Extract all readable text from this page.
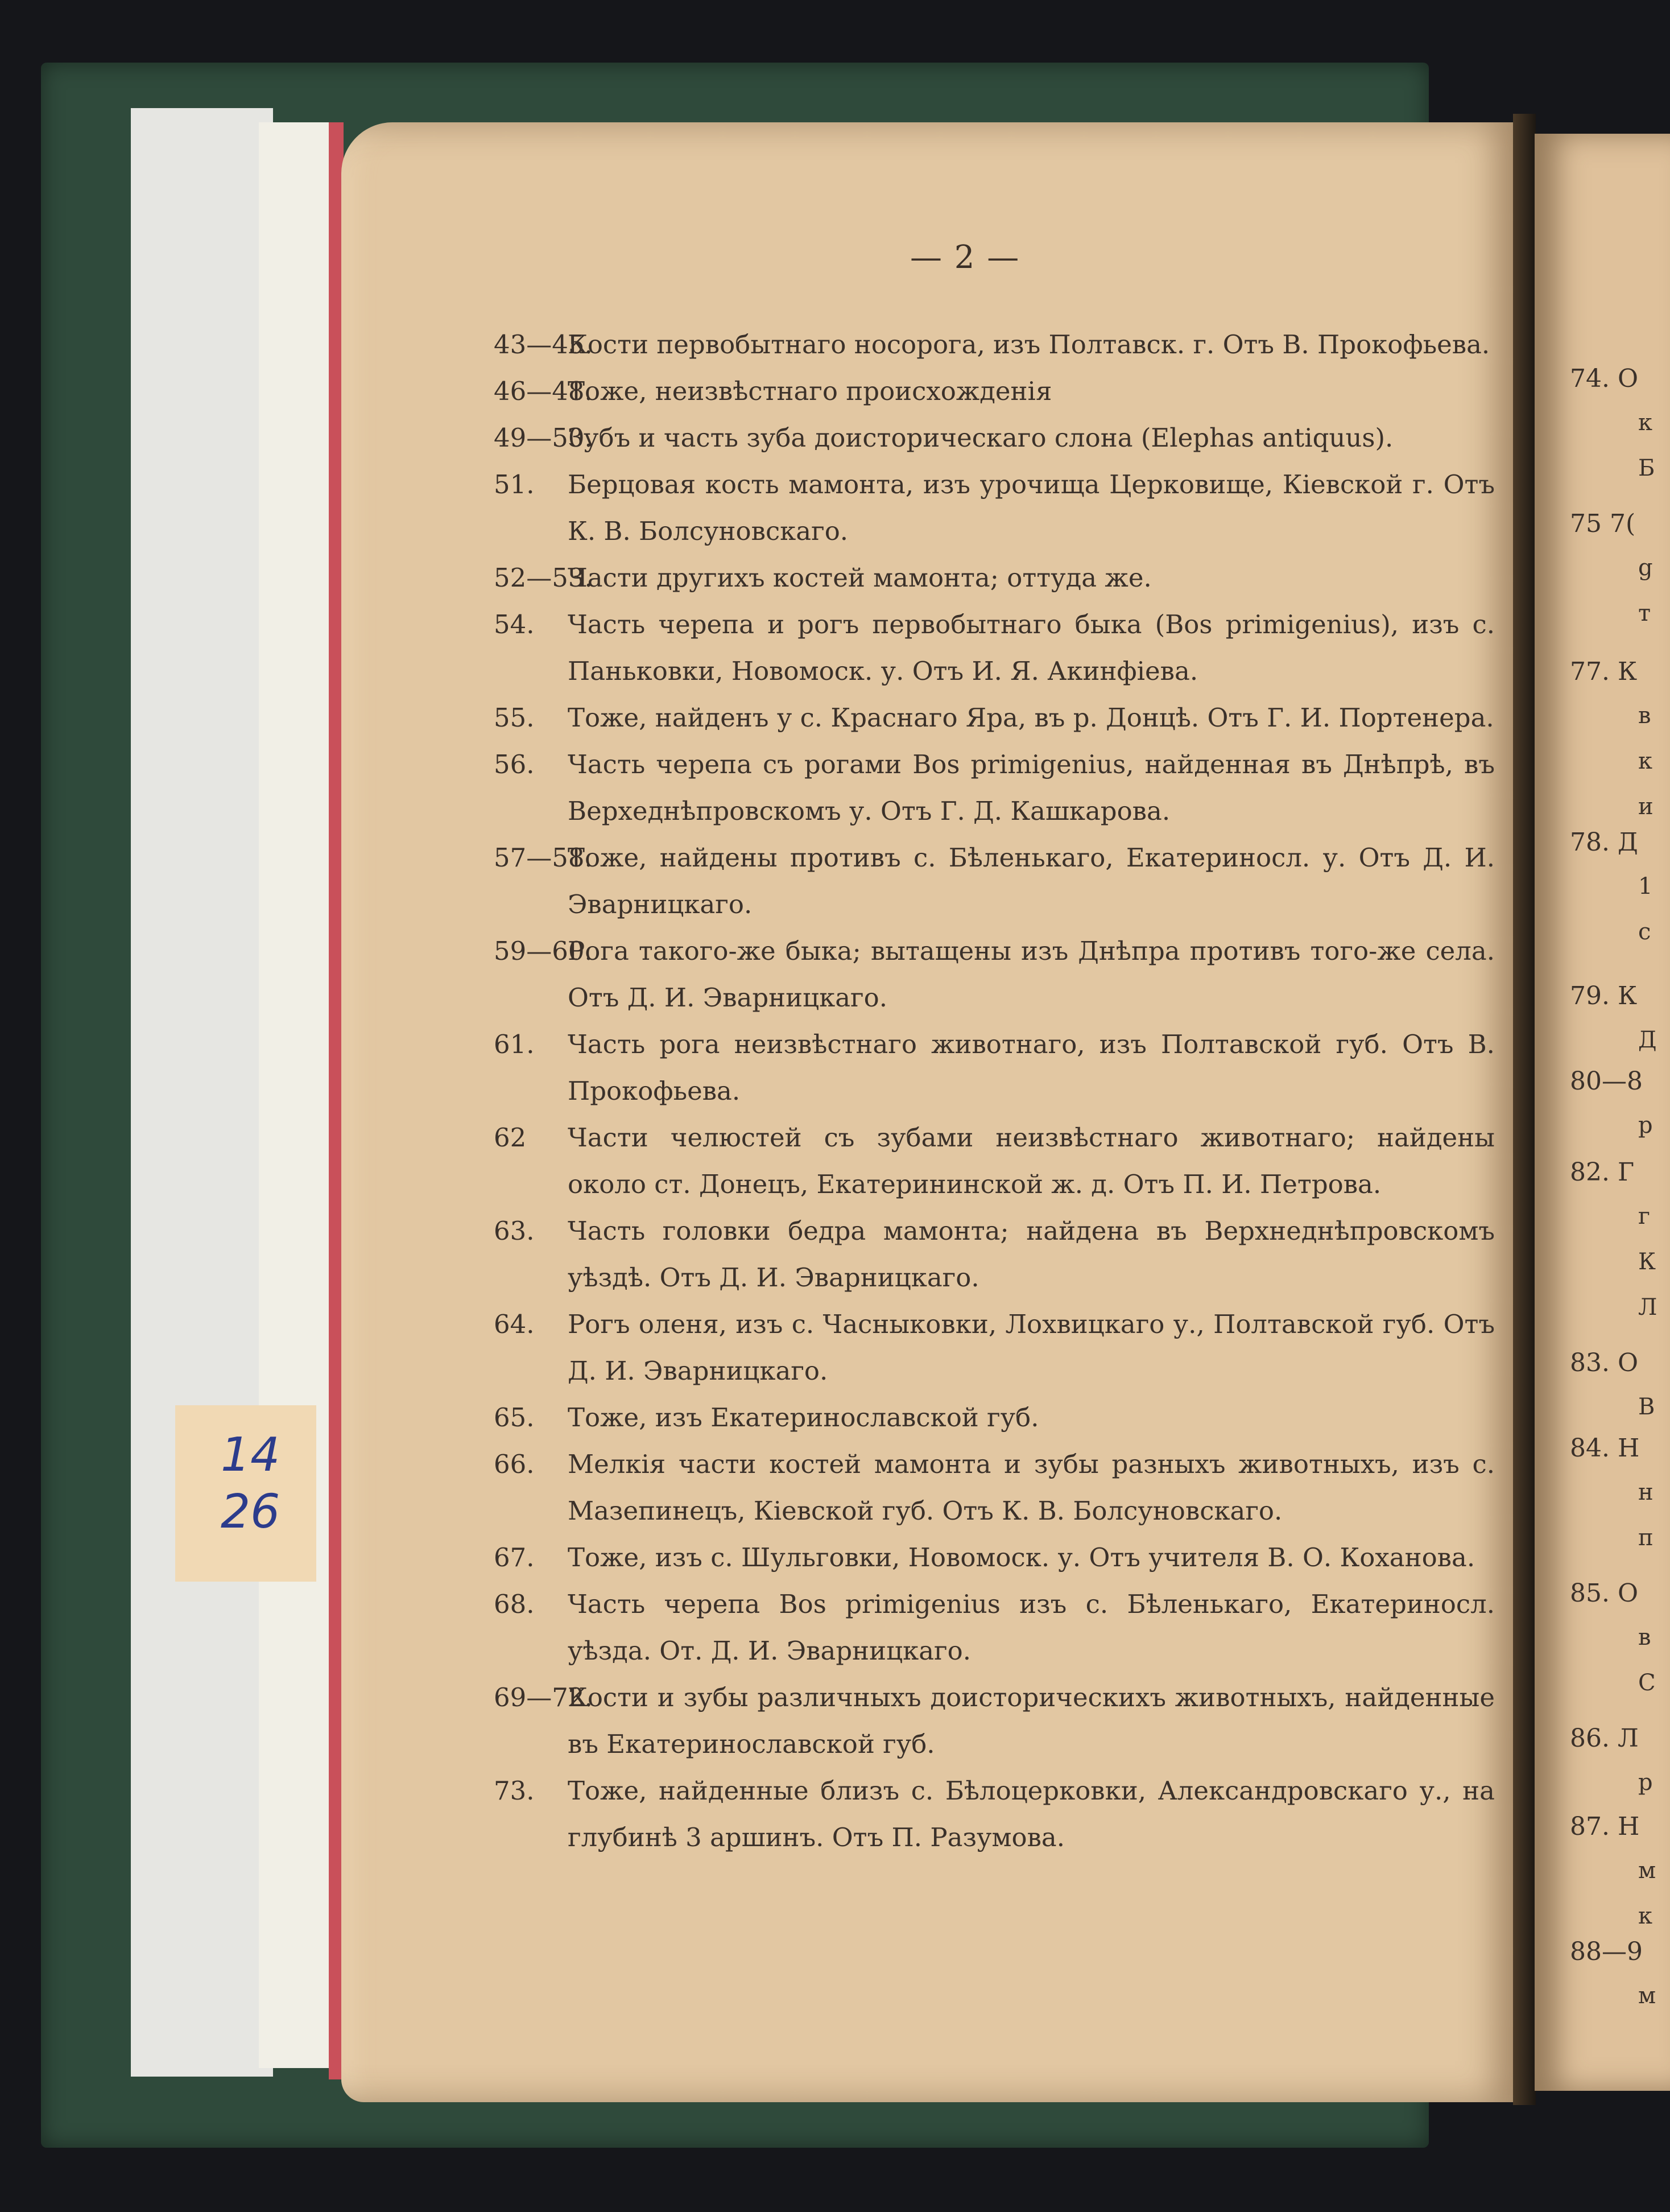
14
26
— 2 —
43—45.
Кости первобытнаго носорога, изъ Полтавск. г. Отъ В. Прокофьева.
46—48.
Тоже, неизвѣстнаго происхожденія
49—50.
Зубъ и часть зуба доисторическаго слона (Elephas antiquus).
51. Берцовая кость мамонта, изъ урочища Церковище, Кіевской г. Отъ К. В. Болсуновскаго.
52—53.
Части другихъ костей мамонта; оттуда же.
54. Часть черепа и рогъ первобытнаго быка (Bos primigenius), изъ с. Паньковки, Новомоск. у. Отъ И. Я. Акинфіева.
55. Тоже, найденъ у с. Краснаго Яра, въ р. Донцѣ. Отъ Г. И. Портенера.
56. Часть черепа съ рогами Bos primigenius, найденная въ Днѣпрѣ, въ Верхеднѣпровскомъ у. Отъ Г. Д. Кашкарова.
57—58.
Тоже, найдены противъ с. Бѣленькаго, Екатериносл. у. Отъ Д. И. Эварницкаго.
59—60.
Рога такого-же быка; вытащены изъ Днѣпра противъ того-же села. Отъ Д. И. Эварницкаго.
61. Часть рога неизвѣстнаго животнаго, изъ Полтавской губ. Отъ В. Прокофьева.
62 Части челюстей съ зубами неизвѣстнаго животнаго; найдены около ст. Донецъ, Екатерининской ж. д. Отъ П. И. Петрова.
63. Часть головки бедра мамонта; найдена въ Верхнеднѣпровскомъ уѣздѣ. Отъ Д. И. Эварницкаго.
64. Рогъ оленя, изъ с. Часныковки, Лохвицкаго у., Полтавской губ. Отъ Д. И. Эварницкаго.
65. Тоже, изъ Екатеринославской губ.
66. Мелкія части костей мамонта и зубы разныхъ животныхъ, изъ с. Мазепинецъ, Кіевской губ. Отъ К. В. Болсуновскаго.
67. Тоже, изъ с. Шульговки, Новомоск. у. Отъ учителя В. О. Коханова.
68. Часть черепа Bos primigenius изъ с. Бѣленькаго, Екатериносл. уѣзда. От. Д. И. Эварницкаго.
69—72.
Кости и зубы различныхъ доисторическихъ животныхъ, найденные въ Екатеринославской губ.
73. Тоже, найденные близъ с. Бѣлоцерковки, Александровскаго у., на глубинѣ 3 аршинъ. Отъ П. Разумова.
74. О
75 7(
77. К
78. Д
79. К
80—8
82. Г
83. О
84. Н
85. О
86. Л
87. Н
88—9
к
Б
g
т
в
к
и
1
с
Д
р
г
К
Л
В
н
п
в
С
р
м
к
м
